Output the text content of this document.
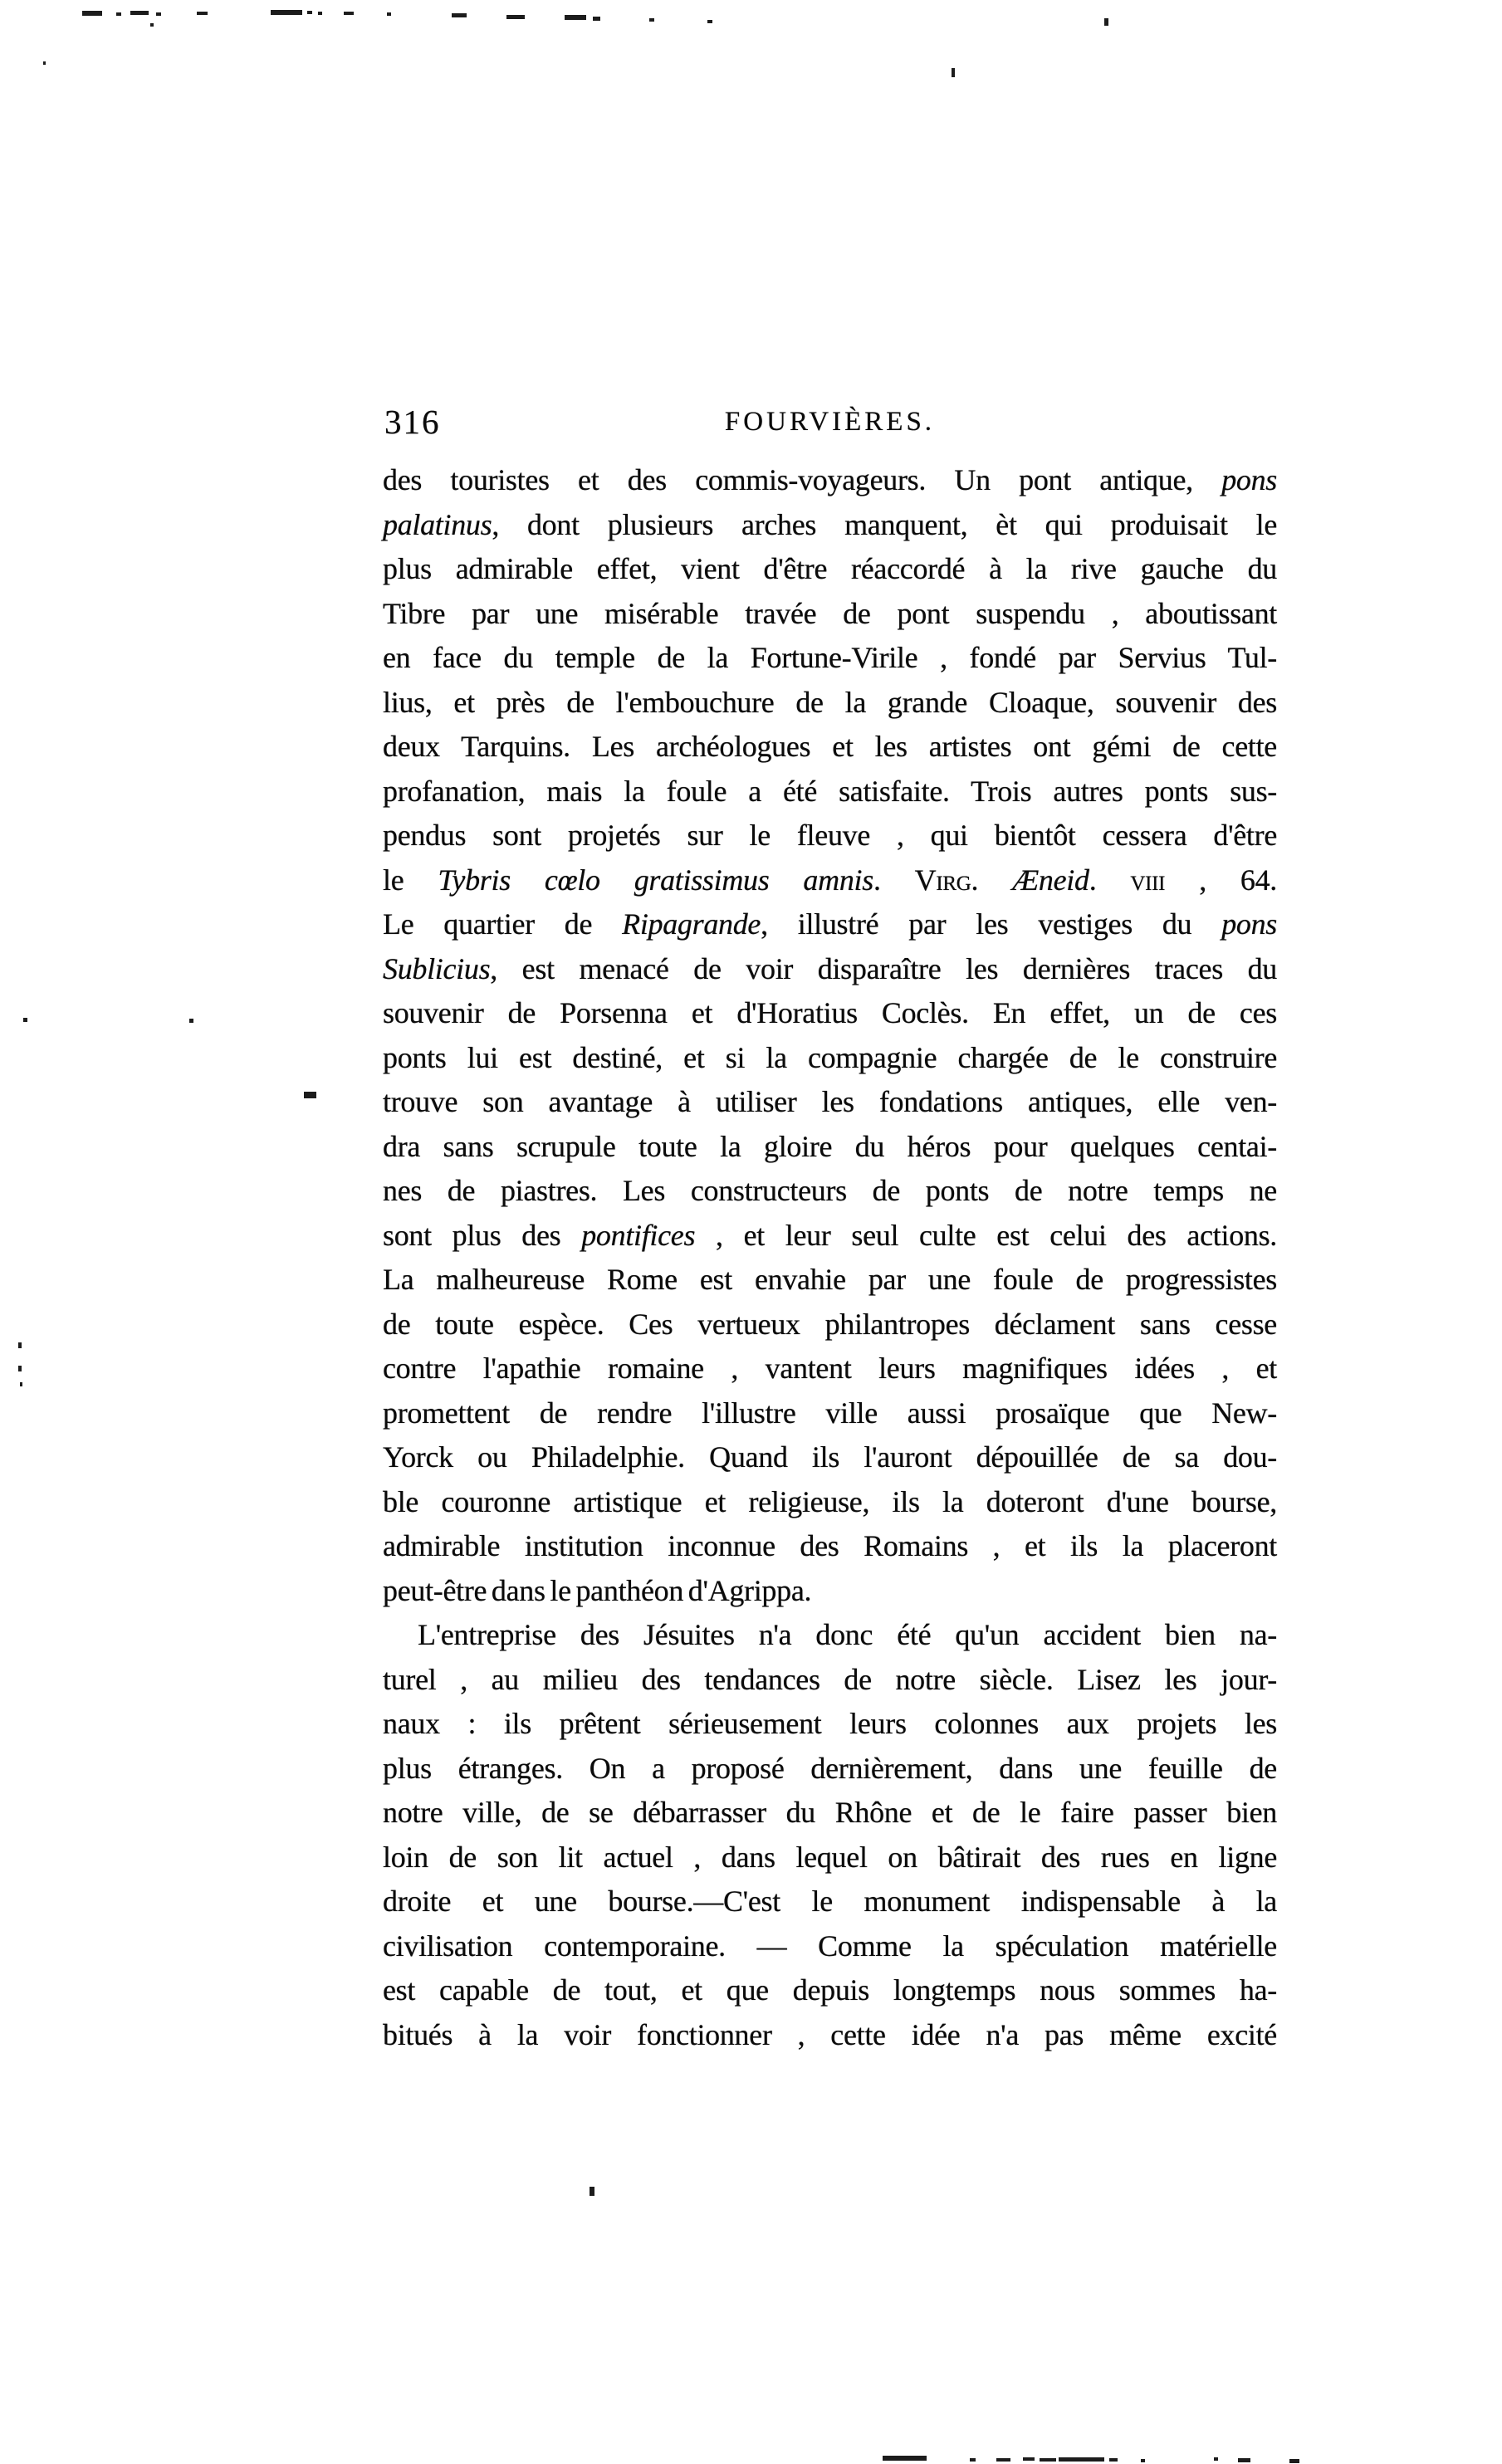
316	FOURVIÈRES.
des touristes et des commis-voyageurs. Un pont antique, pons
palatinus, dont plusieurs arches manquent, èt qui produisait le
plus admirable effet, vient d'être réaccordé à la rive gauche du
Tibre par une misérable travée de pont suspendu , aboutissant
en face du temple de la Fortune-Virile , fondé par Servius Tul-
lius, et près de l'embouchure de la grande Cloaque, souvenir des
deux Tarquins. Les archéologues et les artistes ont gémi de cette
profanation, mais la foule a été satisfaite. Trois autres ponts sus-
pendus sont projetés sur le fleuve , qui bientôt cessera d'être
le Tybris cœlo gratissimus amnis. Virg. Æneid. viii , 64.
Le quartier de Ripagrande, illustré par les vestiges du pons
Sublicius, est menacé de voir disparaître les dernières traces du
souvenir de Porsenna et d'Horatius Coclès. En effet, un de ces
ponts lui est destiné, et si la compagnie chargée de le construire
trouve son avantage à utiliser les fondations antiques, elle ven-
dra sans scrupule toute la gloire du héros pour quelques centai-
nes de piastres. Les constructeurs de ponts de notre temps ne
sont plus des pontifices , et leur seul culte est celui des actions.
La malheureuse Rome est envahie par une foule de progressistes
de toute espèce. Ces vertueux philantropes déclament sans cesse
contre l'apathie romaine , vantent leurs magnifiques idées , et
promettent de rendre l'illustre ville aussi prosaïque que New-
Yorck ou Philadelphie. Quand ils l'auront dépouillée de sa dou-
ble couronne artistique et religieuse, ils la doteront d'une bourse,
admirable institution inconnue des Romains , et ils la placeront
peut-être dans le panthéon d'Agrippa.
L'entreprise des Jésuites n'a donc été qu'un accident bien na-
turel , au milieu des tendances de notre siècle. Lisez les jour-
naux : ils prêtent sérieusement leurs colonnes aux projets les
plus étranges. On a proposé dernièrement, dans une feuille de
notre ville, de se débarrasser du Rhône et de le faire passer bien
loin de son lit actuel , dans lequel on bâtirait des rues en ligne
droite et une bourse.—C'est le monument indispensable à la
civilisation contemporaine. — Comme la spéculation matérielle
est capable de tout, et que depuis longtemps nous sommes ha-
bitués à la voir fonctionner , cette idée n'a pas même excité
